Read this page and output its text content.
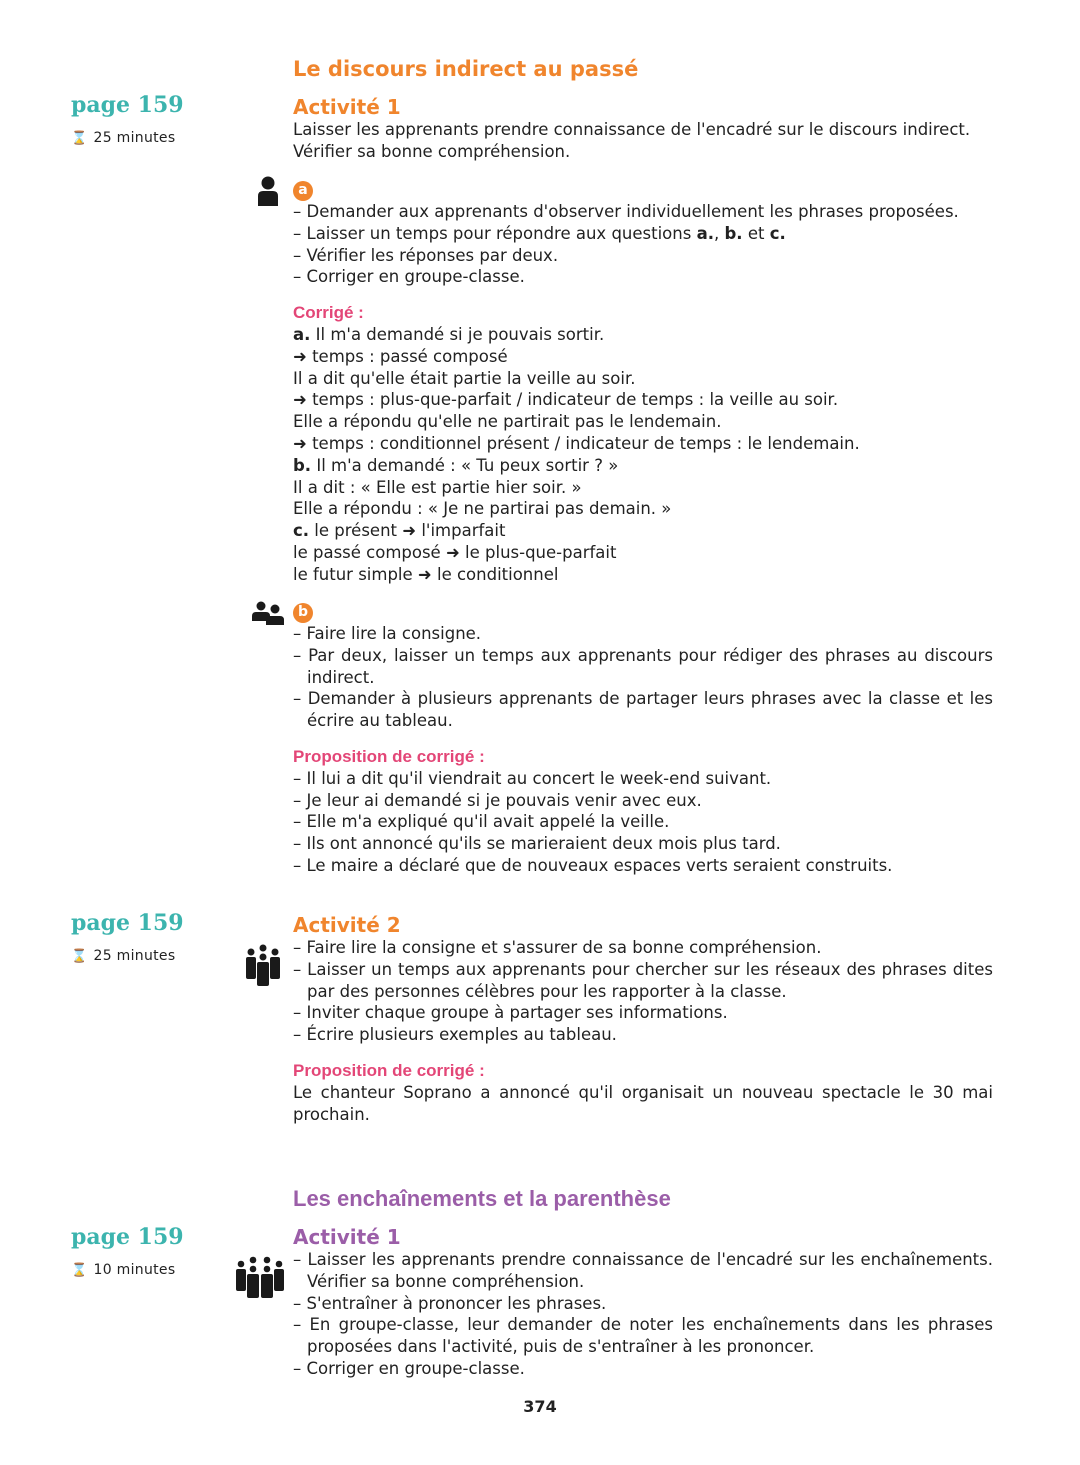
Le discours indirect au passé
page 159
⌛ 25 minutes
Activité 1
Laisser les apprenants prendre connaissance de l'encadré sur le discours indirect.
Vérifier sa bonne compréhension.
a
– Demander aux apprenants d'observer individuellement les phrases proposées.
– Laisser un temps pour répondre aux questions a., b. et c.
– Vérifier les réponses par deux.
– Corriger en groupe-classe.
Corrigé :
a. Il m'a demandé si je pouvais sortir.
➜ temps : passé composé
Il a dit qu'elle était partie la veille au soir.
➜ temps : plus-que-parfait / indicateur de temps : la veille au soir.
Elle a répondu qu'elle ne partirait pas le lendemain.
➜ temps : conditionnel présent / indicateur de temps : le lendemain.
b. Il m'a demandé : « Tu peux sortir ? »
Il a dit : « Elle est partie hier soir. »
Elle a répondu : « Je ne partirai pas demain. »
c. le présent ➜ l'imparfait
le passé composé ➜ le plus-que-parfait
le futur simple ➜ le conditionnel
b
– Faire lire la consigne.
– Par deux, laisser un temps aux apprenants pour rédiger des phrases au discours indirect.
– Demander à plusieurs apprenants de partager leurs phrases avec la classe et les écrire au tableau.
Proposition de corrigé :
– Il lui a dit qu'il viendrait au concert le week-end suivant.
– Je leur ai demandé si je pouvais venir avec eux.
– Elle m'a expliqué qu'il avait appelé la veille.
– Ils ont annoncé qu'ils se marieraient deux mois plus tard.
– Le maire a déclaré que de nouveaux espaces verts seraient construits.
page 159
⌛ 25 minutes
Activité 2
– Faire lire la consigne et s'assurer de sa bonne compréhension.
– Laisser un temps aux apprenants pour chercher sur les réseaux des phrases dites par des personnes célèbres pour les rapporter à la classe.
– Inviter chaque groupe à partager ses informations.
– Écrire plusieurs exemples au tableau.
Proposition de corrigé :
Le chanteur Soprano a annoncé qu'il organisait un nouveau spectacle le 30 mai prochain.
Les enchaînements et la parenthèse
page 159
⌛ 10 minutes
Activité 1
– Laisser les apprenants prendre connaissance de l'encadré sur les enchaînements. Vérifier sa bonne compréhension.
– S'entraîner à prononcer les phrases.
– En groupe-classe, leur demander de noter les enchaînements dans les phrases proposées dans l'activité, puis de s'entraîner à les prononcer.
– Corriger en groupe-classe.
374
